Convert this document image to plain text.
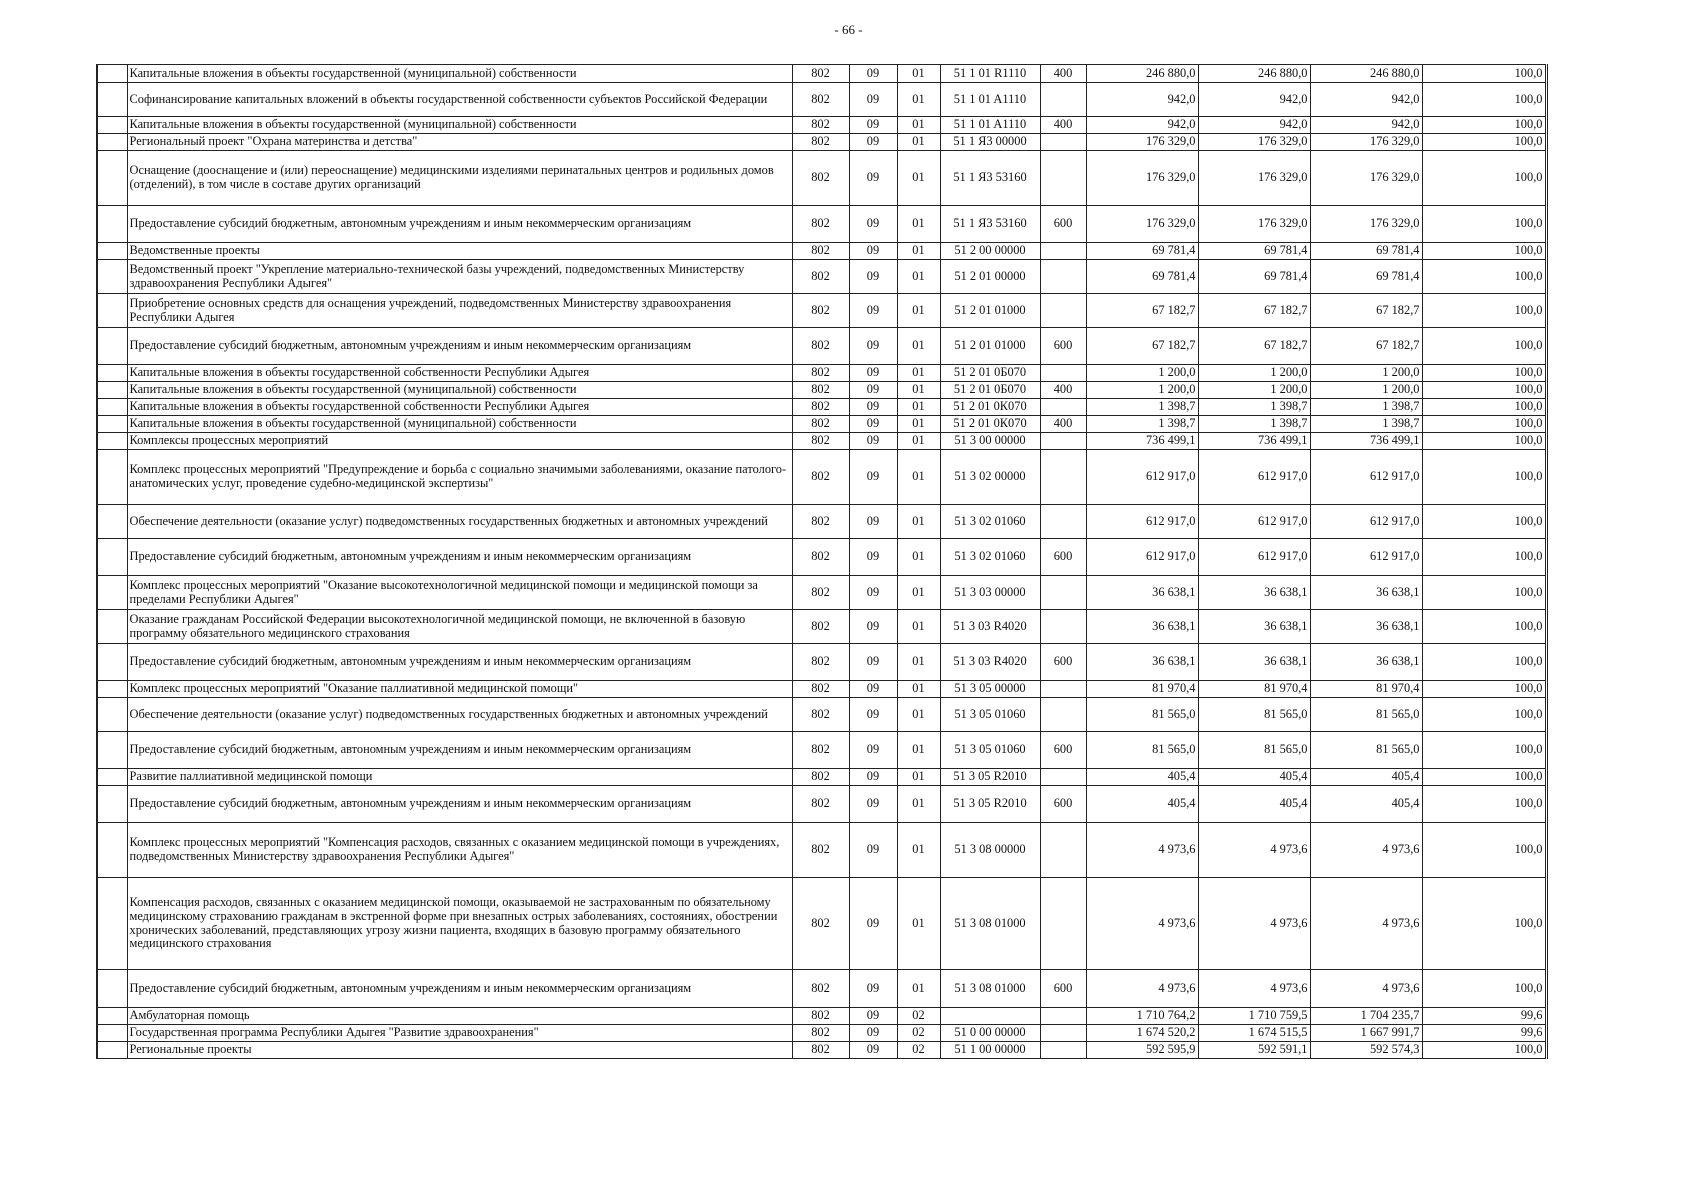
- 66 -
	Капитальные вложения в объекты государственной (муниципальной) собственности	802	09	01	51 1 01 R1110	400	246 880,0	246 880,0	246 880,0	100,0
	Софинансирование капитальных вложений в объекты государственной собственности субъектов Российской Федерации	802	09	01	51 1 01 A1110		942,0	942,0	942,0	100,0
	Капитальные вложения в объекты государственной (муниципальной) собственности	802	09	01	51 1 01 A1110	400	942,0	942,0	942,0	100,0
	Региональный проект "Охрана материнства и детства"	802	09	01	51 1 Я3 00000		176 329,0	176 329,0	176 329,0	100,0
	Оснащение (дооснащение и (или) переоснащение) медицинскими изделиями перинатальных центров и родильных домов (отделений), в том числе в составе других организаций	802	09	01	51 1 Я3 53160		176 329,0	176 329,0	176 329,0	100,0
	Предоставление субсидий бюджетным, автономным учреждениям и иным некоммерческим организациям	802	09	01	51 1 Я3 53160	600	176 329,0	176 329,0	176 329,0	100,0
	Ведомственные проекты	802	09	01	51 2 00 00000		69 781,4	69 781,4	69 781,4	100,0
	Ведомственный проект "Укрепление материально-технической базы учреждений, подведомственных Министерству здравоохранения Республики Адыгея"	802	09	01	51 2 01 00000		69 781,4	69 781,4	69 781,4	100,0
	Приобретение основных средств для оснащения учреждений, подведомственных Министерству здравоохранения Республики Адыгея	802	09	01	51 2 01 01000		67 182,7	67 182,7	67 182,7	100,0
	Предоставление субсидий бюджетным, автономным учреждениям и иным некоммерческим организациям	802	09	01	51 2 01 01000	600	67 182,7	67 182,7	67 182,7	100,0
	Капитальные вложения в объекты государственной собственности Республики Адыгея	802	09	01	51 2 01 0Б070		1 200,0	1 200,0	1 200,0	100,0
	Капитальные вложения в объекты государственной (муниципальной) собственности	802	09	01	51 2 01 0Б070	400	1 200,0	1 200,0	1 200,0	100,0
	Капитальные вложения в объекты государственной собственности Республики Адыгея	802	09	01	51 2 01 0К070		1 398,7	1 398,7	1 398,7	100,0
	Капитальные вложения в объекты государственной (муниципальной) собственности	802	09	01	51 2 01 0К070	400	1 398,7	1 398,7	1 398,7	100,0
	Комплексы процессных мероприятий	802	09	01	51 3 00 00000		736 499,1	736 499,1	736 499,1	100,0
	Комплекс процессных мероприятий "Предупреждение и борьба с социально значимыми заболеваниями, оказание патолого-анатомических услуг, проведение судебно-медицинской экспертизы"	802	09	01	51 3 02 00000		612 917,0	612 917,0	612 917,0	100,0
	Обеспечение деятельности (оказание услуг) подведомственных государственных бюджетных и автономных учреждений	802	09	01	51 3 02 01060		612 917,0	612 917,0	612 917,0	100,0
	Предоставление субсидий бюджетным, автономным учреждениям и иным некоммерческим организациям	802	09	01	51 3 02 01060	600	612 917,0	612 917,0	612 917,0	100,0
	Комплекс процессных мероприятий "Оказание высокотехнологичной медицинской помощи и медицинской помощи за пределами Республики Адыгея"	802	09	01	51 3 03 00000		36 638,1	36 638,1	36 638,1	100,0
	Оказание гражданам Российской Федерации высокотехнологичной медицинской помощи, не включенной в базовую программу обязательного медицинского страхования	802	09	01	51 3 03 R4020		36 638,1	36 638,1	36 638,1	100,0
	Предоставление субсидий бюджетным, автономным учреждениям и иным некоммерческим организациям	802	09	01	51 3 03 R4020	600	36 638,1	36 638,1	36 638,1	100,0
	Комплекс процессных мероприятий "Оказание паллиативной медицинской помощи"	802	09	01	51 3 05 00000		81 970,4	81 970,4	81 970,4	100,0
	Обеспечение деятельности (оказание услуг) подведомственных государственных бюджетных и автономных учреждений	802	09	01	51 3 05 01060		81 565,0	81 565,0	81 565,0	100,0
	Предоставление субсидий бюджетным, автономным учреждениям и иным некоммерческим организациям	802	09	01	51 3 05 01060	600	81 565,0	81 565,0	81 565,0	100,0
	Развитие паллиативной медицинской помощи	802	09	01	51 3 05 R2010		405,4	405,4	405,4	100,0
	Предоставление субсидий бюджетным, автономным учреждениям и иным некоммерческим организациям	802	09	01	51 3 05 R2010	600	405,4	405,4	405,4	100,0
	Комплекс процессных мероприятий "Компенсация расходов, связанных с оказанием медицинской помощи в учреждениях, подведомственных Министерству здравоохранения Республики Адыгея"	802	09	01	51 3 08 00000		4 973,6	4 973,6	4 973,6	100,0
	Компенсация расходов, связанных с оказанием медицинской помощи, оказываемой не застрахованным по обязательному медицинскому страхованию гражданам в экстренной форме при внезапных острых заболеваниях, состояниях, обострении хронических заболеваний, представляющих угрозу жизни пациента, входящих в базовую программу обязательного медицинского страхования	802	09	01	51 3 08 01000		4 973,6	4 973,6	4 973,6	100,0
	Предоставление субсидий бюджетным, автономным учреждениям и иным некоммерческим организациям	802	09	01	51 3 08 01000	600	4 973,6	4 973,6	4 973,6	100,0
	Амбулаторная помощь	802	09	02			1 710 764,2	1 710 759,5	1 704 235,7	99,6
	Государственная программа Республики Адыгея "Развитие здравоохранения"	802	09	02	51 0 00 00000		1 674 520,2	1 674 515,5	1 667 991,7	99,6
	Региональные проекты	802	09	02	51 1 00 00000		592 595,9	592 591,1	592 574,3	100,0
